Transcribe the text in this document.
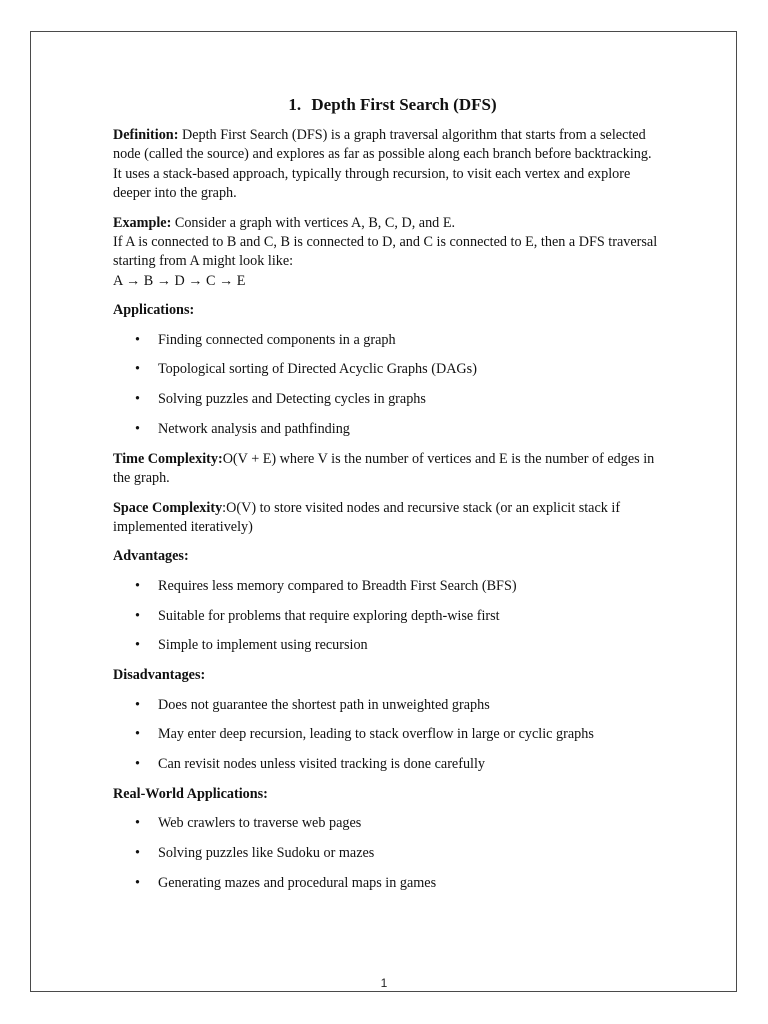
1. Depth First Search (DFS)

Definition: Depth First Search (DFS) is a graph traversal algorithm that starts from a selected node (called the source) and explores as far as possible along each branch before backtracking. It uses a stack-based approach, typically through recursion, to visit each vertex and explore deeper into the graph.

Example: Consider a graph with vertices A, B, C, D, and E.
If A is connected to B and C, B is connected to D, and C is connected to E, then a DFS traversal starting from A might look like:
A → B → D → C → E

Applications:
• Finding connected components in a graph
• Topological sorting of Directed Acyclic Graphs (DAGs)
• Solving puzzles and Detecting cycles in graphs
• Network analysis and pathfinding

Time Complexity:O(V + E) where V is the number of vertices and E is the number of edges in the graph.

Space Complexity:O(V) to store visited nodes and recursive stack (or an explicit stack if implemented iteratively)

Advantages:
• Requires less memory compared to Breadth First Search (BFS)
• Suitable for problems that require exploring depth-wise first
• Simple to implement using recursion
Disadvantages:
• Does not guarantee the shortest path in unweighted graphs
• May enter deep recursion, leading to stack overflow in large or cyclic graphs
• Can revisit nodes unless visited tracking is done carefully
Real-World Applications:
• Web crawlers to traverse web pages
• Solving puzzles like Sudoku or mazes
• Generating mazes and procedural maps in games
1
